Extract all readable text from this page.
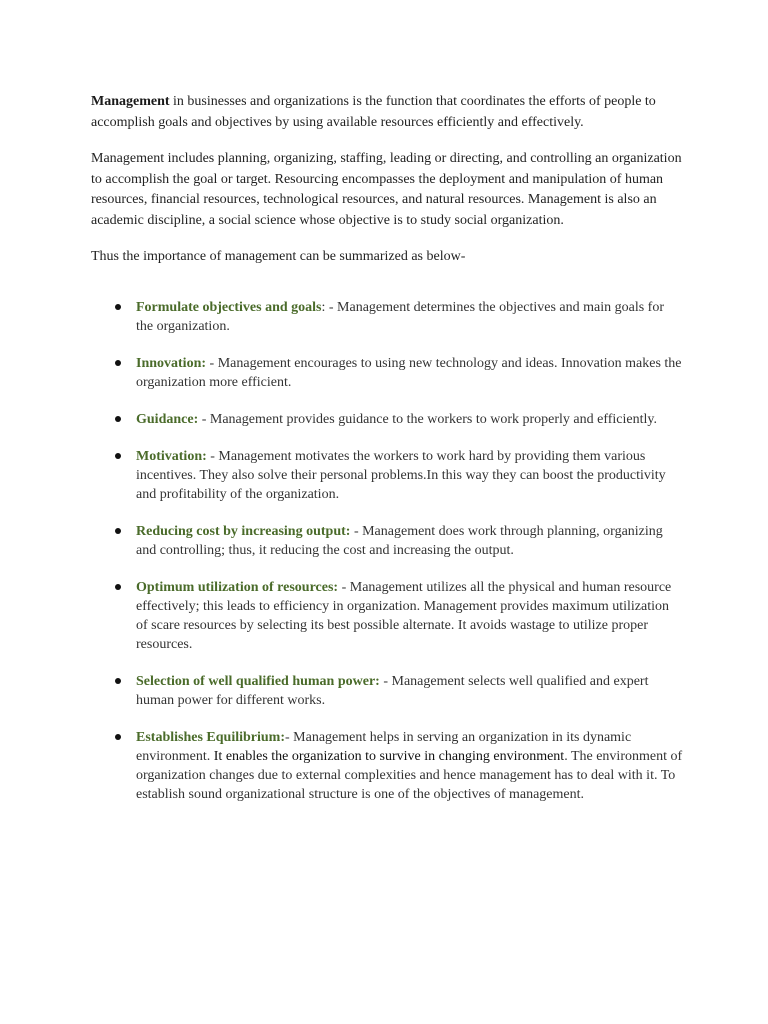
Management in businesses and organizations is the function that coordinates the efforts of people to accomplish goals and objectives by using available resources efficiently and effectively.

Management includes planning, organizing, staffing, leading or directing, and controlling an organization to accomplish the goal or target. Resourcing encompasses the deployment and manipulation of human resources, financial resources, technological resources, and natural resources. Management is also an academic discipline, a social science whose objective is to study social organization.

Thus the importance of management can be summarized as below-

Formulate objectives and goals: - Management determines the objectives and main goals for the organization.
Innovation: - Management encourages to using new technology and ideas. Innovation makes the organization more efficient.
Guidance: - Management provides guidance to the workers to work properly and efficiently.
Motivation: - Management motivates the workers to work hard by providing them various incentives. They also solve their personal problems.In this way they can boost the productivity and profitability of the organization.
Reducing cost by increasing output: - Management does work through planning, organizing and controlling; thus, it reducing the cost and increasing the output.
Optimum utilization of resources: - Management utilizes all the physical and human resource effectively; this leads to efficiency in organization. Management provides maximum utilization of scare resources by selecting its best possible alternate. It avoids wastage to utilize proper resources.
Selection of well qualified human power: - Management selects well qualified and expert human power for different works.
Establishes Equilibrium:- Management helps in serving an organization in its dynamic environment. It enables the organization to survive in changing environment. The environment of organization changes due to external complexities and hence management has to deal with it. To establish sound organizational structure is one of the objectives of management.
